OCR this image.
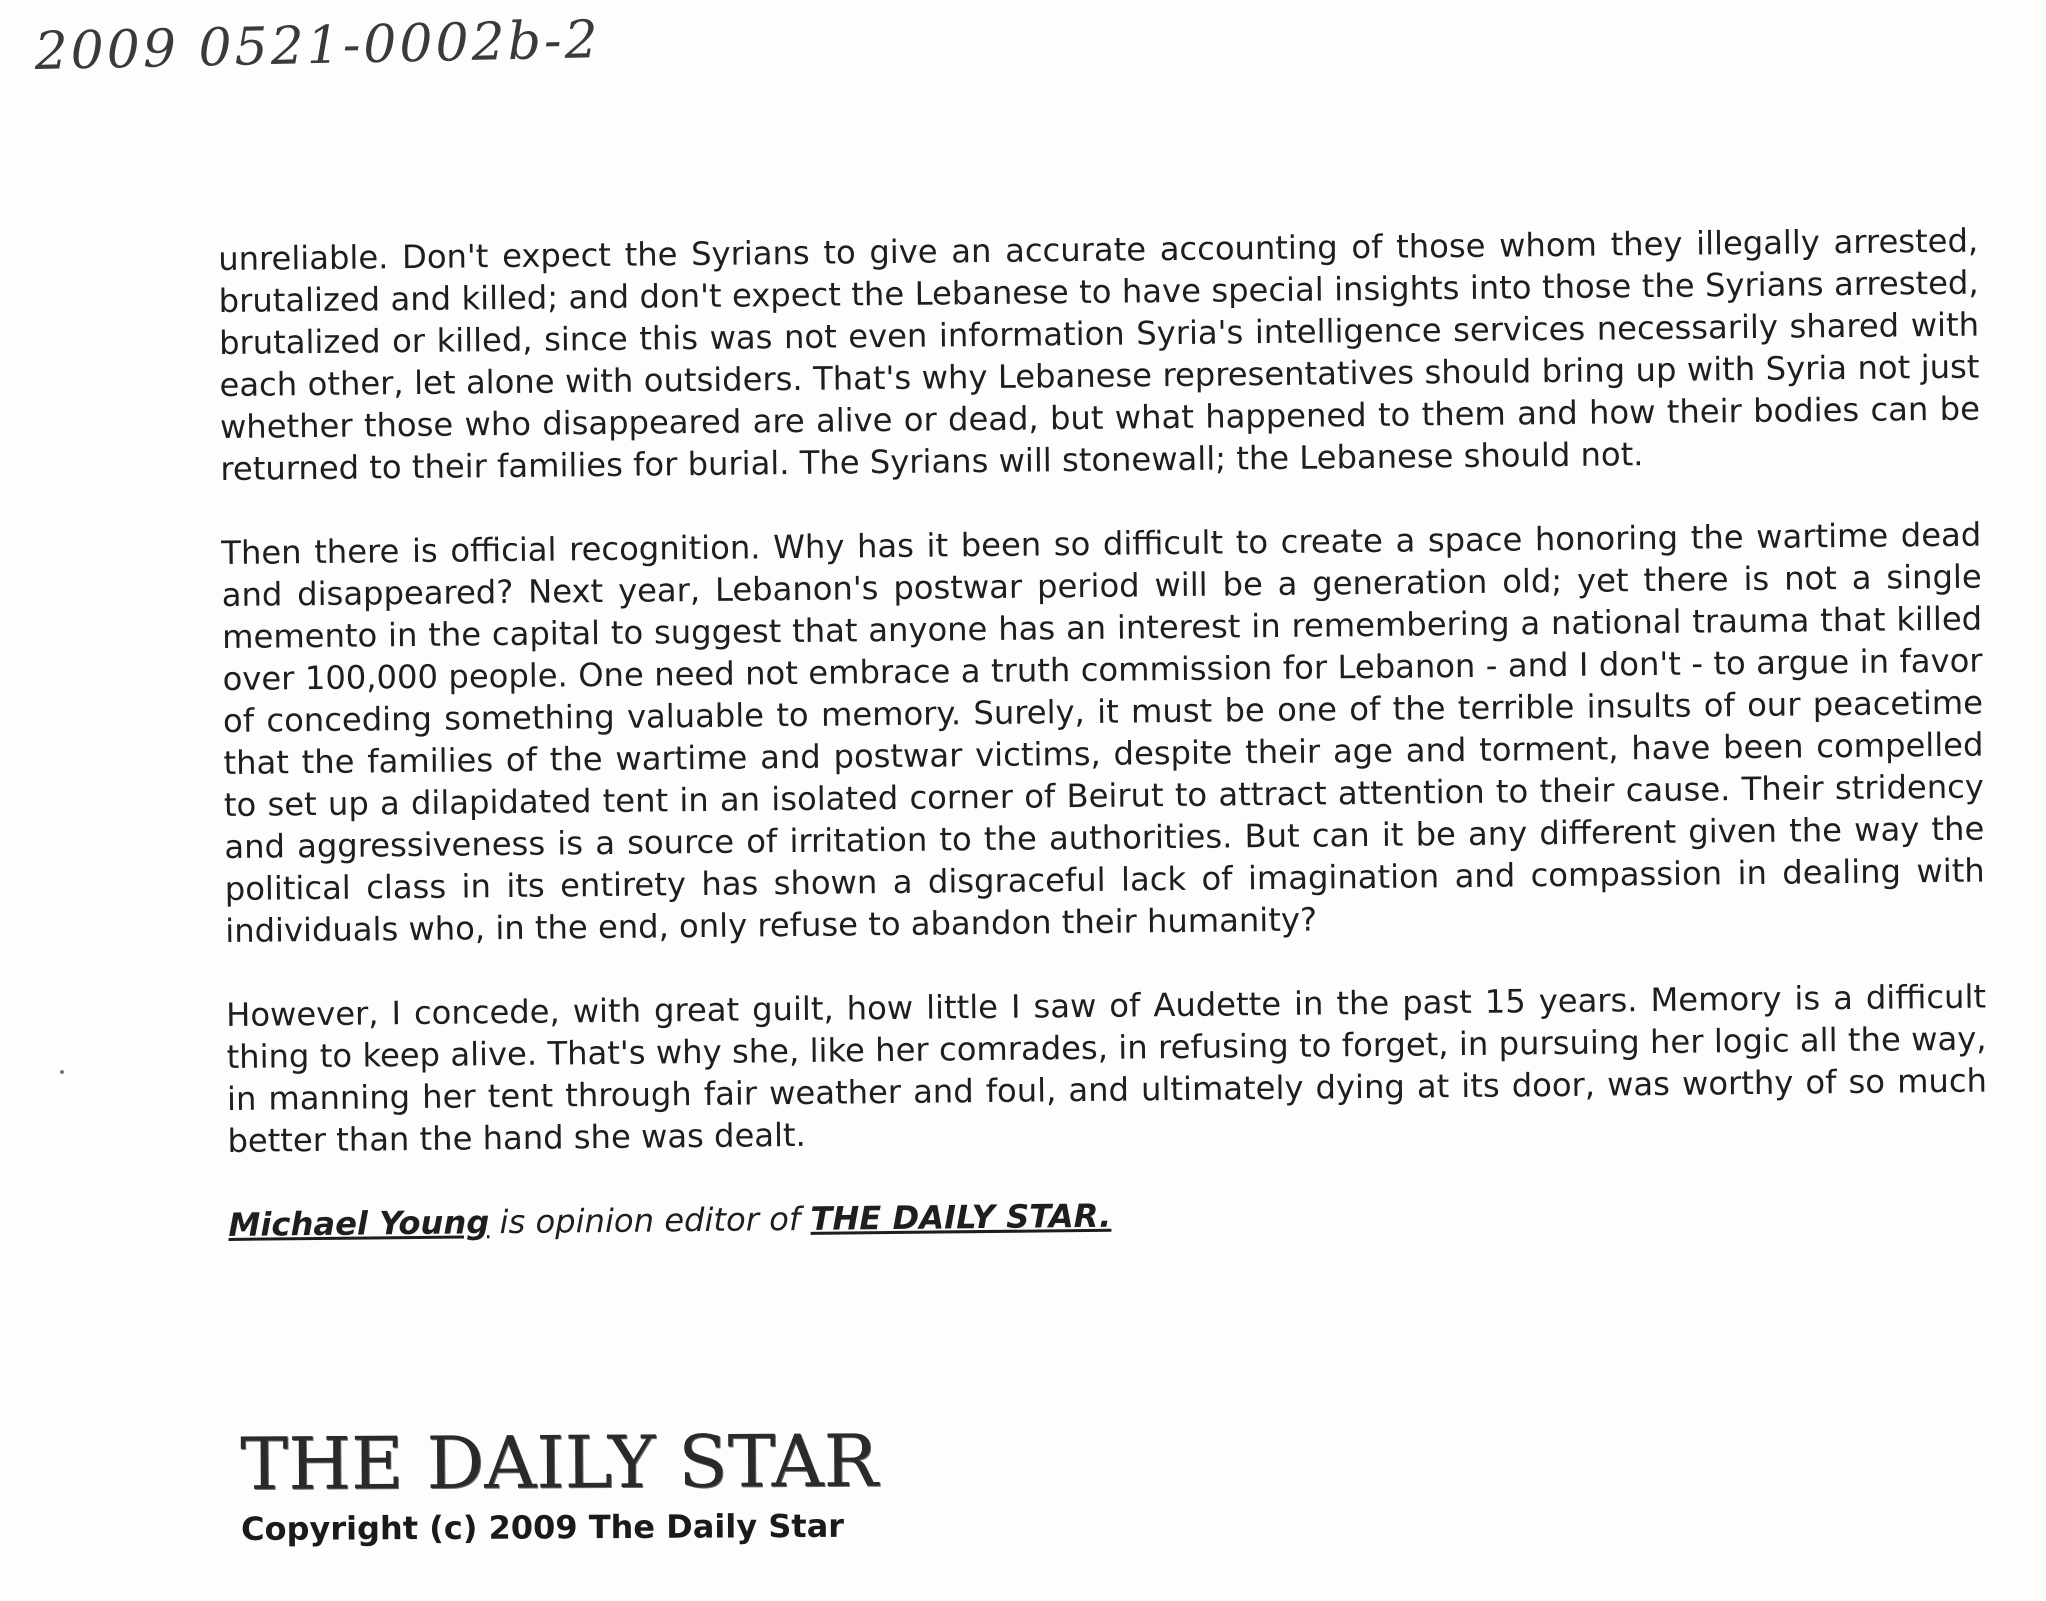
2009 0521-0002b-2

unreliable. Don't expect the Syrians to give an accurate accounting of those whom they illegally arrested, brutalized and killed; and don't expect the Lebanese to have special insights into those the Syrians arrested, brutalized or killed, since this was not even information Syria's intelligence services necessarily shared with each other, let alone with outsiders. That's why Lebanese representatives should bring up with Syria not just whether those who disappeared are alive or dead, but what happened to them and how their bodies can be returned to their families for burial. The Syrians will stonewall; the Lebanese should not.

Then there is official recognition. Why has it been so difficult to create a space honoring the wartime dead and disappeared? Next year, Lebanon's postwar period will be a generation old; yet there is not a single memento in the capital to suggest that anyone has an interest in remembering a national trauma that killed over 100,000 people. One need not embrace a truth commission for Lebanon - and I don't - to argue in favor of conceding something valuable to memory. Surely, it must be one of the terrible insults of our peacetime that the families of the wartime and postwar victims, despite their age and torment, have been compelled to set up a dilapidated tent in an isolated corner of Beirut to attract attention to their cause. Their stridency and aggressiveness is a source of irritation to the authorities. But can it be any different given the way the political class in its entirety has shown a disgraceful lack of imagination and compassion in dealing with individuals who, in the end, only refuse to abandon their humanity?

However, I concede, with great guilt, how little I saw of Audette in the past 15 years. Memory is a difficult thing to keep alive. That's why she, like her comrades, in refusing to forget, in pursuing her logic all the way, in manning her tent through fair weather and foul, and ultimately dying at its door, was worthy of so much better than the hand she was dealt.

Michael Young is opinion editor of THE DAILY STAR.

THE DAILY STAR
Copyright (c) 2009 The Daily Star
